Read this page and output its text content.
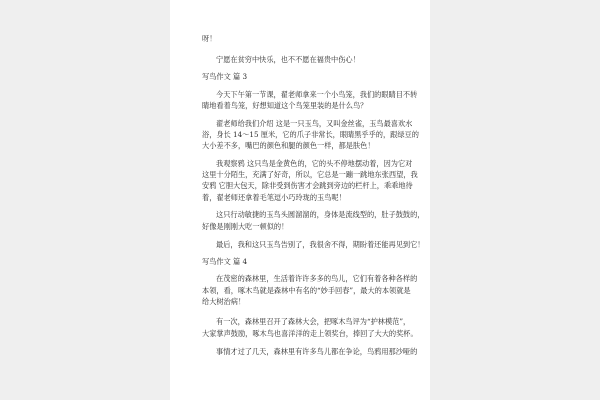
呀！
宁愿在贫穷中快乐，也不不愿在福贵中伤心！
写鸟作文 篇 3
今天下午第一节课，翟老师拿来一个小鸟笼，我们的眼睛目不转
睛地看着鸟笼，好想知道这个鸟笼里装的是什么鸟？
翟老师给我们介绍 这是一只玉鸟，又叫金丝雀，玉鸟最喜欢水
浴，身长 14～15 厘米，它的爪子非常长，眼睛黑乎乎的，跟绿豆的
大小差不多，嘴巴的颜色和腿的颜色一样，都是肤色！
我观察鸦 这只鸟是金黄色的，它的头不停地摆动着，因为它对
这里十分陌生，充满了好奇，所以，它总是一蹦一跳地东张西望，我
安鸦 它胆大包天，除非受到伤害才会跳到旁边的栏杆上，乖乖地待
着，翟老师还拿着毛笔逗小巧玲珑的玉鸟呢！
这只行动敏捷的玉鸟头圆溜溜的，身体是流线型的，肚子鼓鼓的，
好像是刚刚大吃一顿似的！
最后，我和这只玉鸟告别了，我很舍不得，期盼着还能再见到它！
写鸟作文 篇 4
在茂密的森林里，生活着许许多多的鸟儿，它们有着各种各样的
本领，看，啄木鸟就是森林中有名的“妙手回春”，最大的本领就是
给大树治病！
有一次，森林里召开了森林大会，把啄木鸟评为“护林模范”，
大家掌声鼓励，啄木鸟也喜洋洋的走上领奖台，捧回了大大的奖杯。
事情才过了几天，森林里有许多鸟儿都在争论，鸟鸦用那沙哑的
